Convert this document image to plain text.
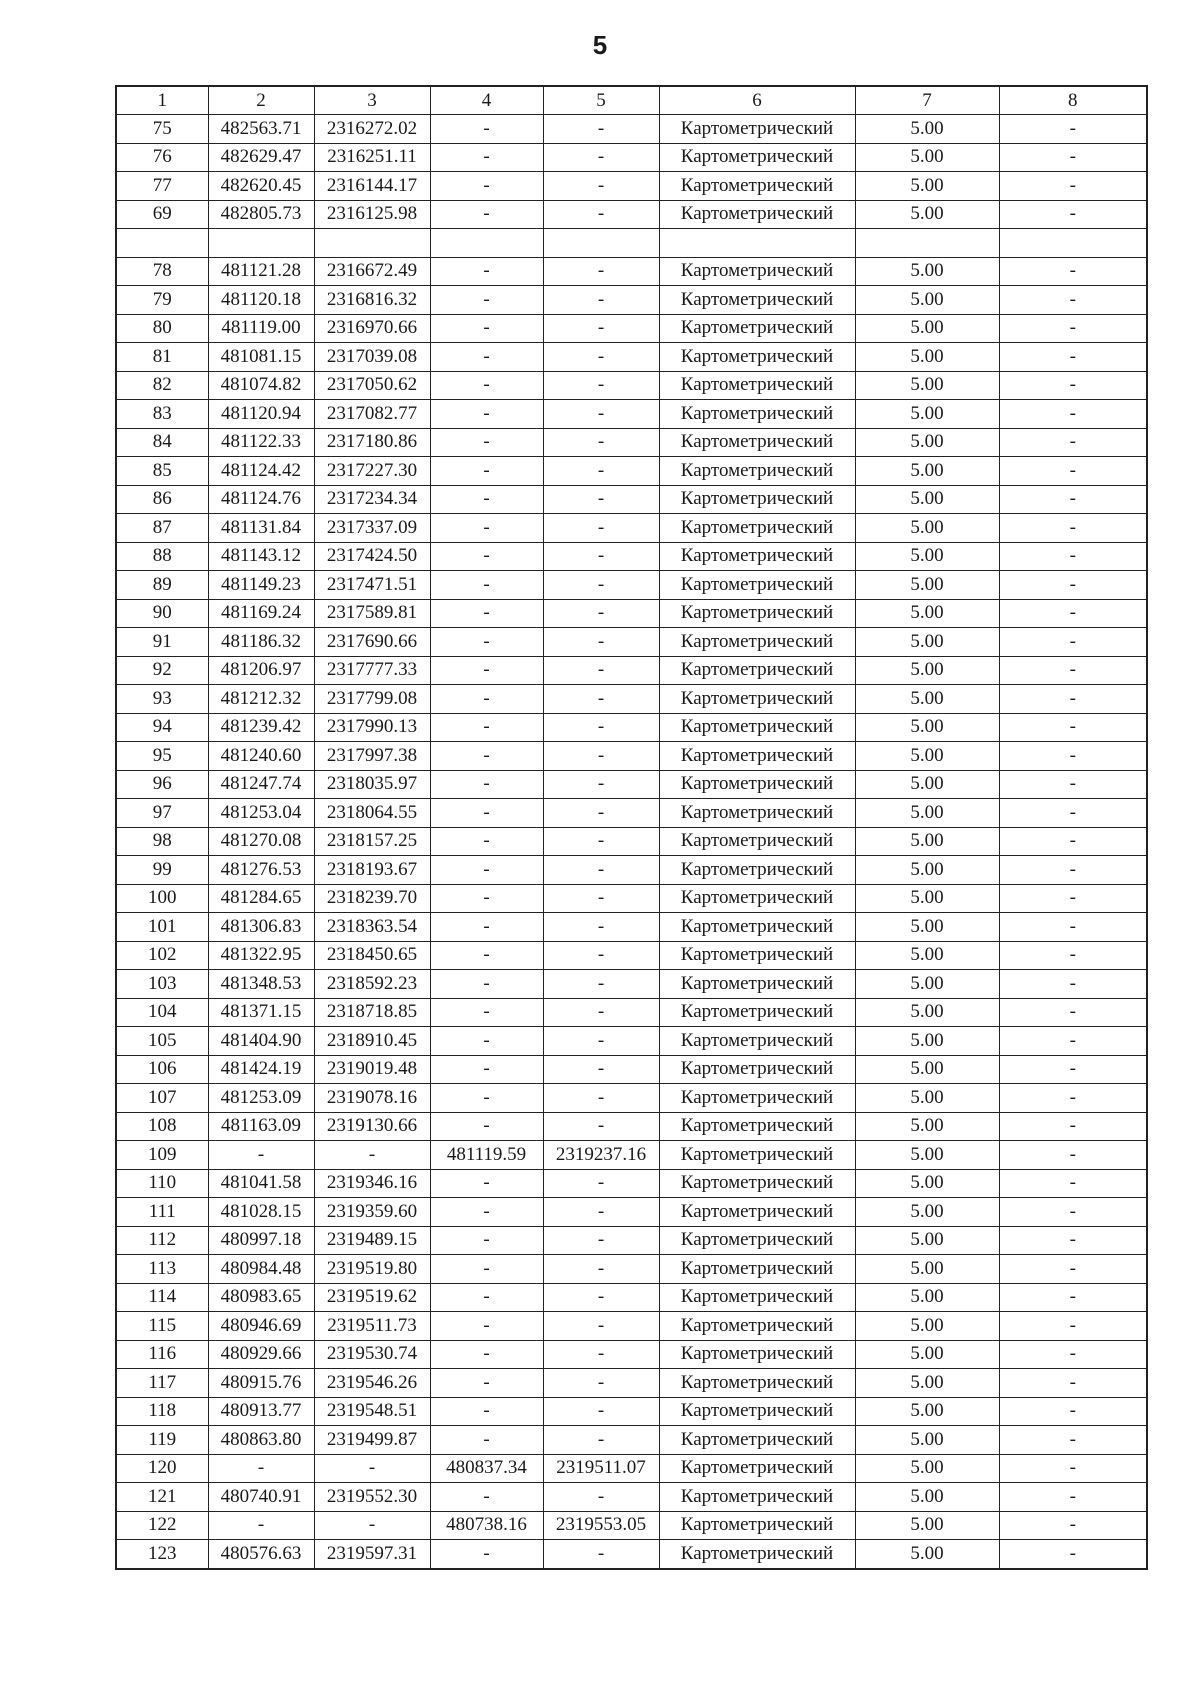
5
1	2	3	4	5	6	7	8
75	482563.71	2316272.02	-	-	Картометрический	5.00	-
76	482629.47	2316251.11	-	-	Картометрический	5.00	-
77	482620.45	2316144.17	-	-	Картометрический	5.00	-
69	482805.73	2316125.98	-	-	Картометрический	5.00	-

78	481121.28	2316672.49	-	-	Картометрический	5.00	-
79	481120.18	2316816.32	-	-	Картометрический	5.00	-
80	481119.00	2316970.66	-	-	Картометрический	5.00	-
81	481081.15	2317039.08	-	-	Картометрический	5.00	-
82	481074.82	2317050.62	-	-	Картометрический	5.00	-
83	481120.94	2317082.77	-	-	Картометрический	5.00	-
84	481122.33	2317180.86	-	-	Картометрический	5.00	-
85	481124.42	2317227.30	-	-	Картометрический	5.00	-
86	481124.76	2317234.34	-	-	Картометрический	5.00	-
87	481131.84	2317337.09	-	-	Картометрический	5.00	-
88	481143.12	2317424.50	-	-	Картометрический	5.00	-
89	481149.23	2317471.51	-	-	Картометрический	5.00	-
90	481169.24	2317589.81	-	-	Картометрический	5.00	-
91	481186.32	2317690.66	-	-	Картометрический	5.00	-
92	481206.97	2317777.33	-	-	Картометрический	5.00	-
93	481212.32	2317799.08	-	-	Картометрический	5.00	-
94	481239.42	2317990.13	-	-	Картометрический	5.00	-
95	481240.60	2317997.38	-	-	Картометрический	5.00	-
96	481247.74	2318035.97	-	-	Картометрический	5.00	-
97	481253.04	2318064.55	-	-	Картометрический	5.00	-
98	481270.08	2318157.25	-	-	Картометрический	5.00	-
99	481276.53	2318193.67	-	-	Картометрический	5.00	-
100	481284.65	2318239.70	-	-	Картометрический	5.00	-
101	481306.83	2318363.54	-	-	Картометрический	5.00	-
102	481322.95	2318450.65	-	-	Картометрический	5.00	-
103	481348.53	2318592.23	-	-	Картометрический	5.00	-
104	481371.15	2318718.85	-	-	Картометрический	5.00	-
105	481404.90	2318910.45	-	-	Картометрический	5.00	-
106	481424.19	2319019.48	-	-	Картометрический	5.00	-
107	481253.09	2319078.16	-	-	Картометрический	5.00	-
108	481163.09	2319130.66	-	-	Картометрический	5.00	-
109	-	-	481119.59	2319237.16	Картометрический	5.00	-
110	481041.58	2319346.16	-	-	Картометрический	5.00	-
111	481028.15	2319359.60	-	-	Картометрический	5.00	-
112	480997.18	2319489.15	-	-	Картометрический	5.00	-
113	480984.48	2319519.80	-	-	Картометрический	5.00	-
114	480983.65	2319519.62	-	-	Картометрический	5.00	-
115	480946.69	2319511.73	-	-	Картометрический	5.00	-
116	480929.66	2319530.74	-	-	Картометрический	5.00	-
117	480915.76	2319546.26	-	-	Картометрический	5.00	-
118	480913.77	2319548.51	-	-	Картометрический	5.00	-
119	480863.80	2319499.87	-	-	Картометрический	5.00	-
120	-	-	480837.34	2319511.07	Картометрический	5.00	-
121	480740.91	2319552.30	-	-	Картометрический	5.00	-
122	-	-	480738.16	2319553.05	Картометрический	5.00	-
123	480576.63	2319597.31	-	-	Картометрический	5.00	-
